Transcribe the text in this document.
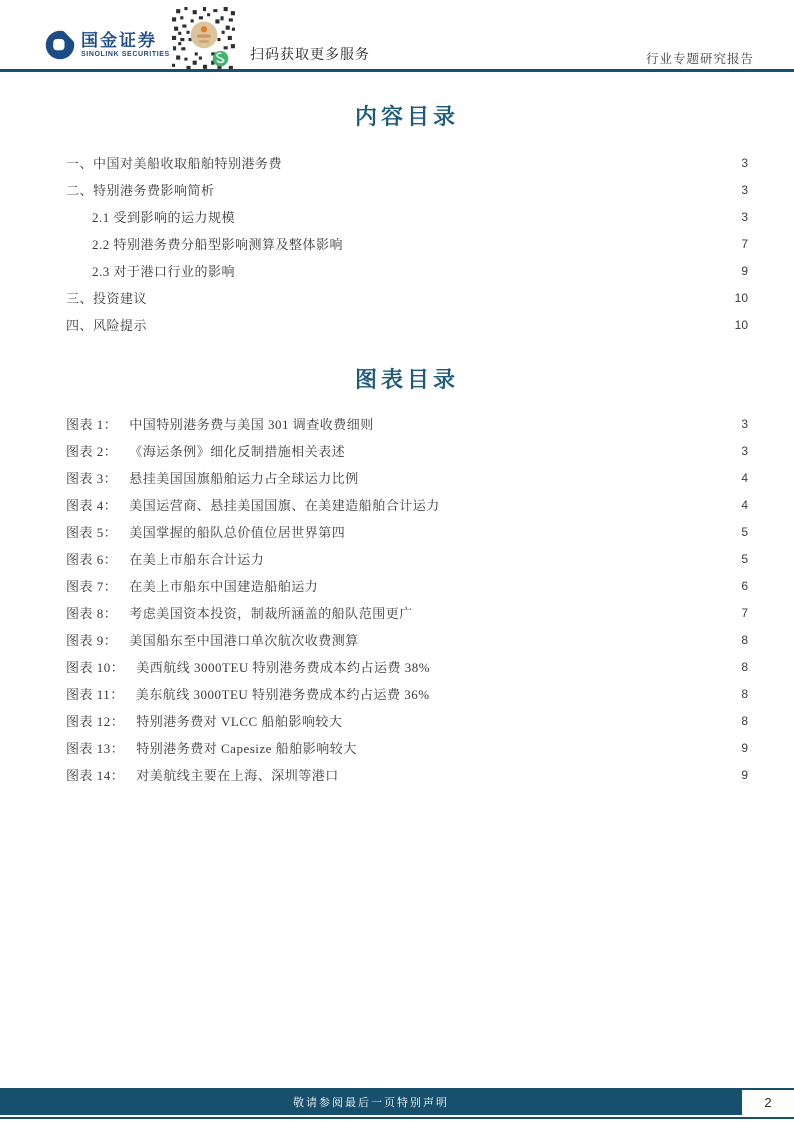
国金证券
SINOLINK SECURITIES	扫码获取更多服务	行业专题研究报告
内容目录
一、中国对美船收取船舶特别港务费	3
二、特别港务费影响简析	3
2.1 受到影响的运力规模	3
2.2 特别港务费分船型影响测算及整体影响	7
2.3 对于港口行业的影响	9
三、投资建议	10
四、风险提示	10
图表目录
图表 1： 中国特别港务费与美国 301 调查收费细则	3
图表 2： 《海运条例》细化反制措施相关表述	3
图表 3： 悬挂美国国旗船舶运力占全球运力比例	4
图表 4： 美国运营商、悬挂美国国旗、在美建造船舶合计运力	4
图表 5： 美国掌握的船队总价值位居世界第四	5
图表 6： 在美上市船东合计运力	5
图表 7： 在美上市船东中国建造船舶运力	6
图表 8： 考虑美国资本投资，制裁所涵盖的船队范围更广	7
图表 9： 美国船东至中国港口单次航次收费测算	8
图表 10： 美西航线 3000TEU 特别港务费成本约占运费 38%	8
图表 11： 美东航线 3000TEU 特别港务费成本约占运费 36%	8
图表 12： 特别港务费对 VLCC 船舶影响较大	8
图表 13： 特别港务费对 Capesize 船舶影响较大	9
图表 14： 对美航线主要在上海、深圳等港口	9
敬请参阅最后一页特别声明	2
